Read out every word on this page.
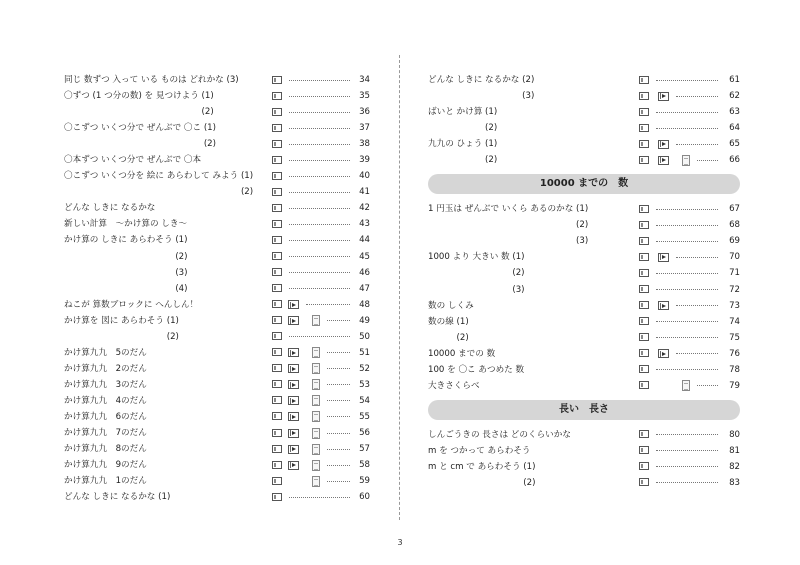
同じ 数ずつ 入って いる ものは どれかな (3)	34
〇ずつ (1 つ分の数) を 見つけよう (1)	35
(2)	36
〇こずつ いくつ分で ぜんぶで 〇こ (1)	37
(2)	38
〇本ずつ いくつ分で ぜんぶで 〇本	39
〇こずつ いくつ分を 絵に あらわして みよう (1)	40
(2)	41
どんな しきに なるかな	42
新しい計算　～かけ算の しき～	43
かけ算の しきに あらわそう (1)	44
(2)	45
(3)	46
(4)	47
ねこが 算数ブロックに へんしん！	48
かけ算を 図に あらわそう (1)	49
(2)	50
かけ算九九　5のだん	51
かけ算九九　2のだん	52
かけ算九九　3のだん	53
かけ算九九　4のだん	54
かけ算九九　6のだん	55
かけ算九九　7のだん	56
かけ算九九　8のだん	57
かけ算九九　9のだん	58
かけ算九九　1のだん	59
どんな しきに なるかな (1)	60
どんな しきに なるかな (2)	61
(3)	62
ばいと かけ算 (1)	63
(2)	64
九九の ひょう (1)	65
(2)	66
10000 までの　数
1 円玉は ぜんぶで いくら あるのかな (1)	67
(2)	68
(3)	69
1000 より 大きい 数 (1)	70
(2)	71
(3)	72
数の しくみ	73
数の線 (1)	74
(2)	75
10000 までの 数	76
100 を 〇こ あつめた 数	78
大きさくらべ	79
長い　長さ
しんごうきの 長さは どのくらいかな	80
m を つかって あらわそう	81
m と cm で あらわそう (1)	82
(2)	83
3
